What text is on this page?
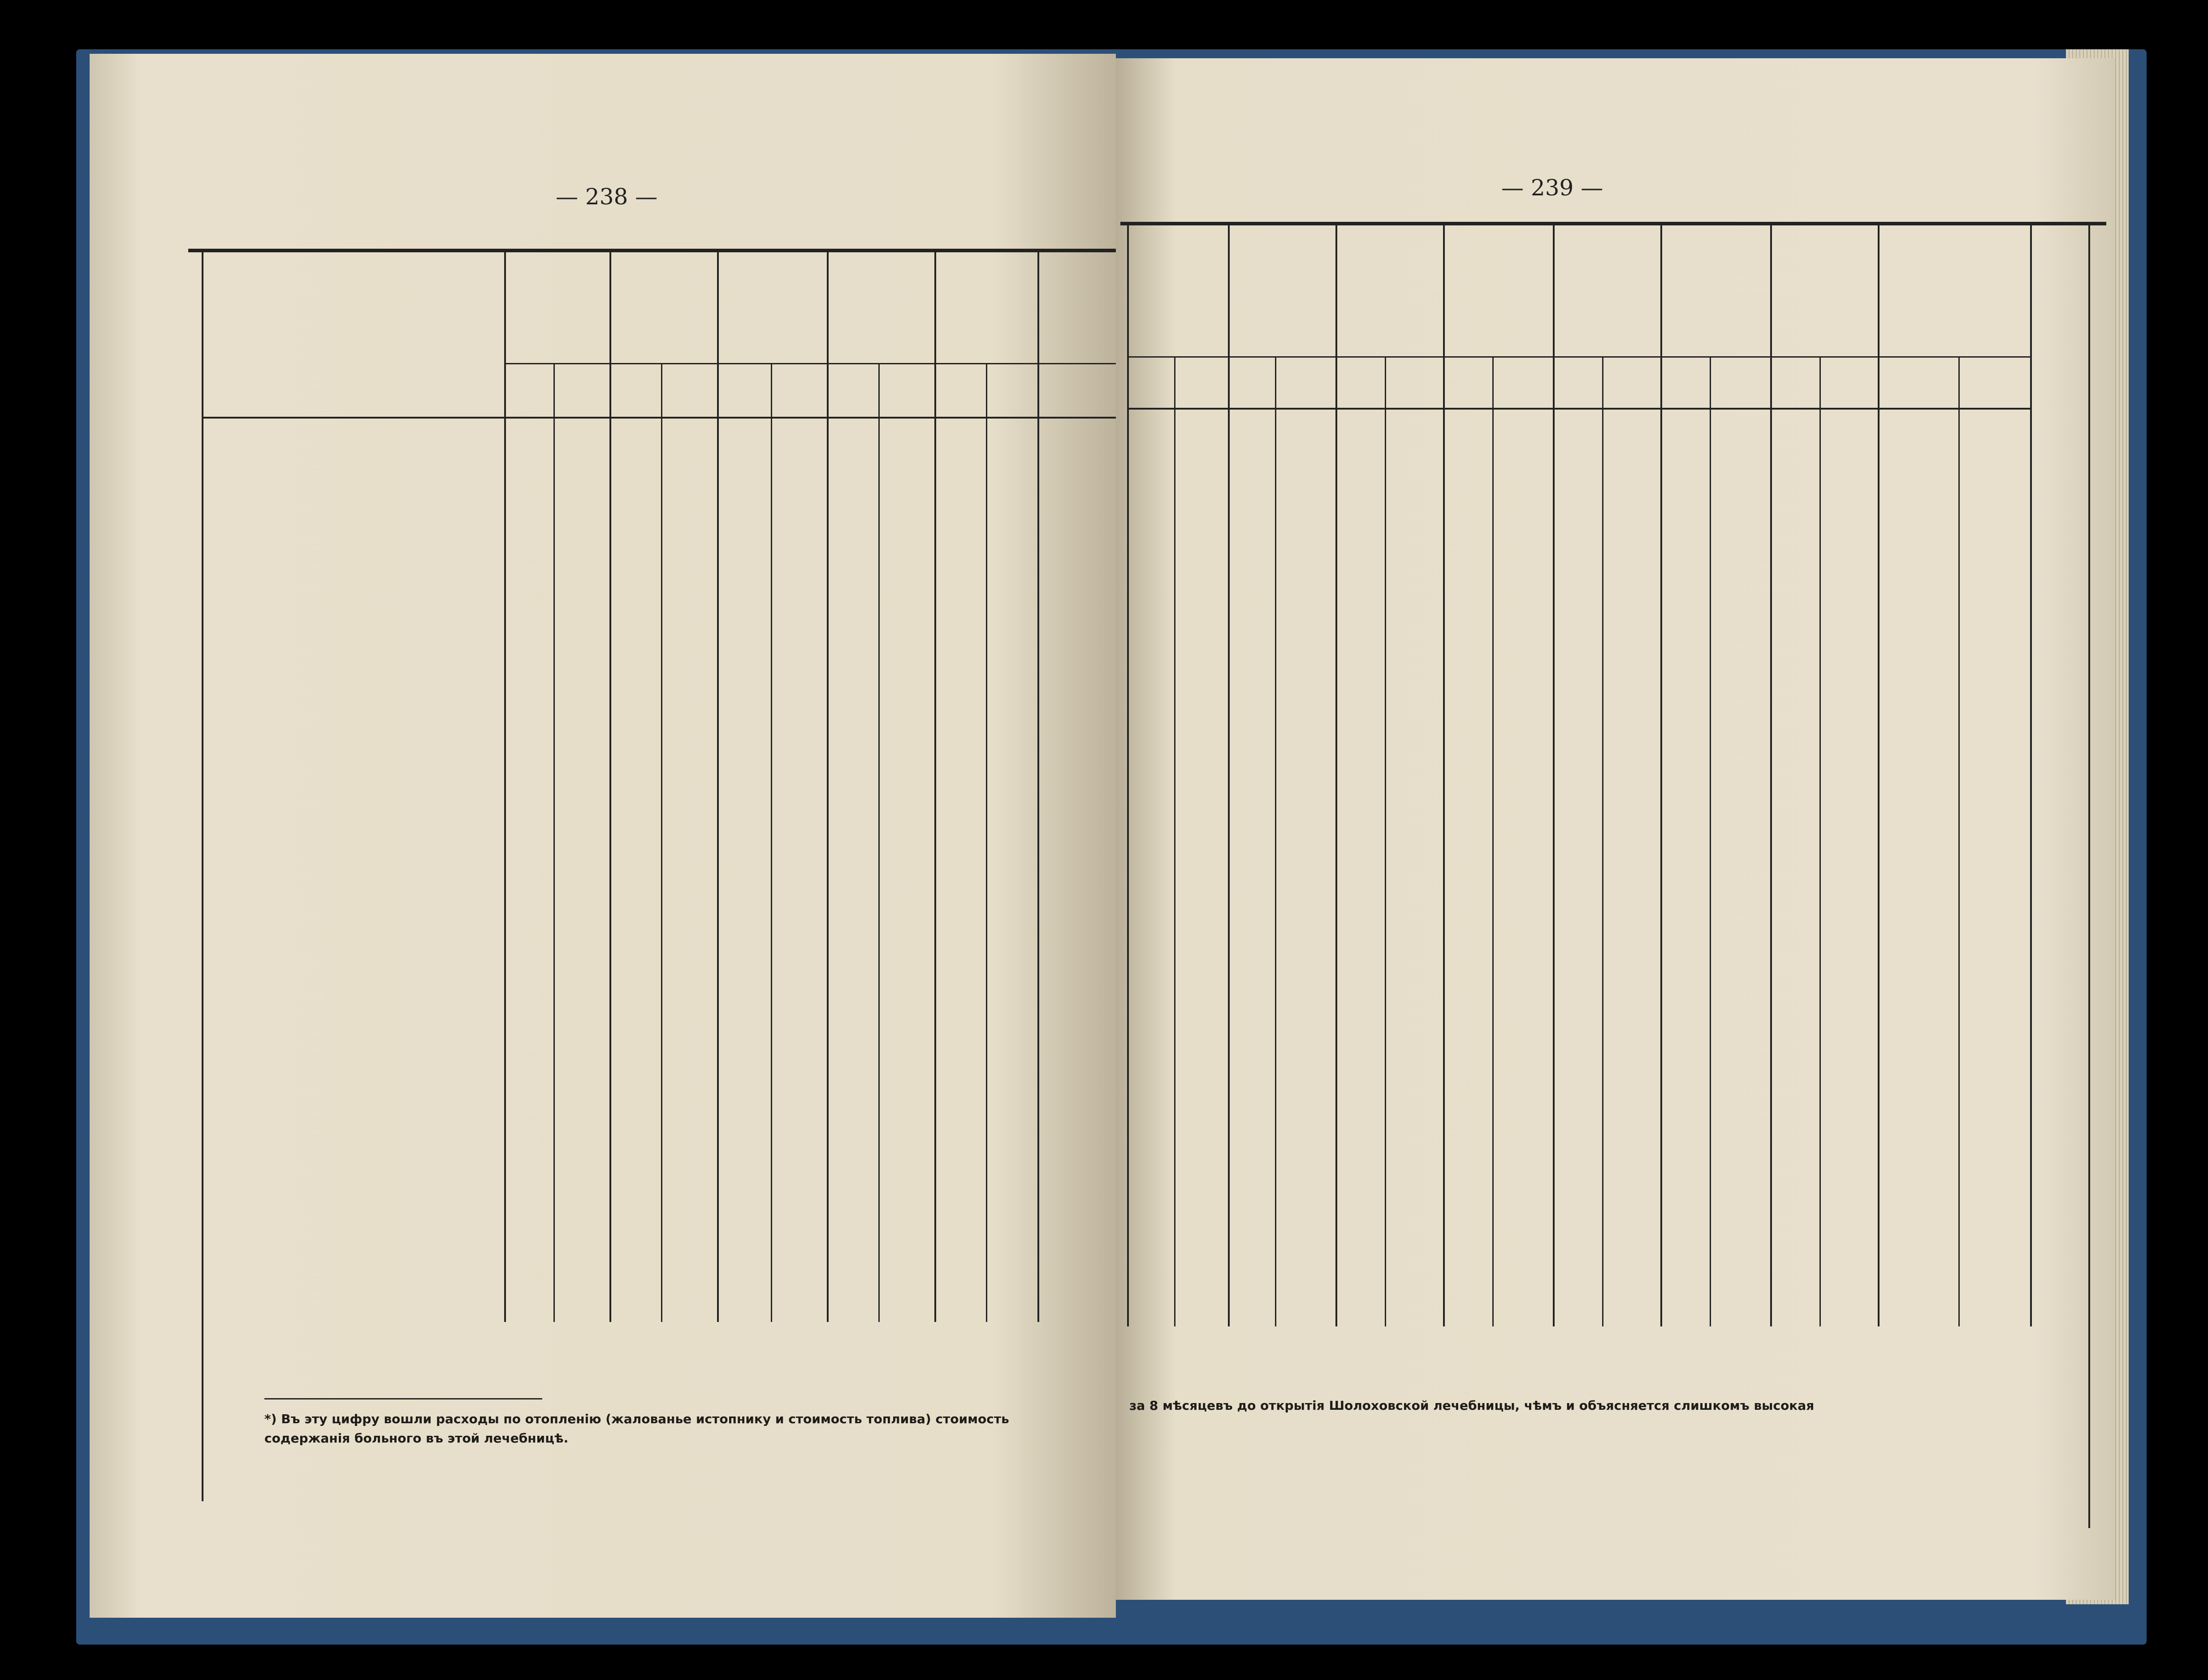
— 238 —
*) Въ эту цифру вошли расходы по отопленію (жалованье истопнику и стоимость топлива) стоимость содержанія больного въ этой лечебницѣ.
— 239 —
за 8 мѣсяцевъ до открытія Шолоховской лечебницы, чѣмъ и объясняется слишкомъ высокая
